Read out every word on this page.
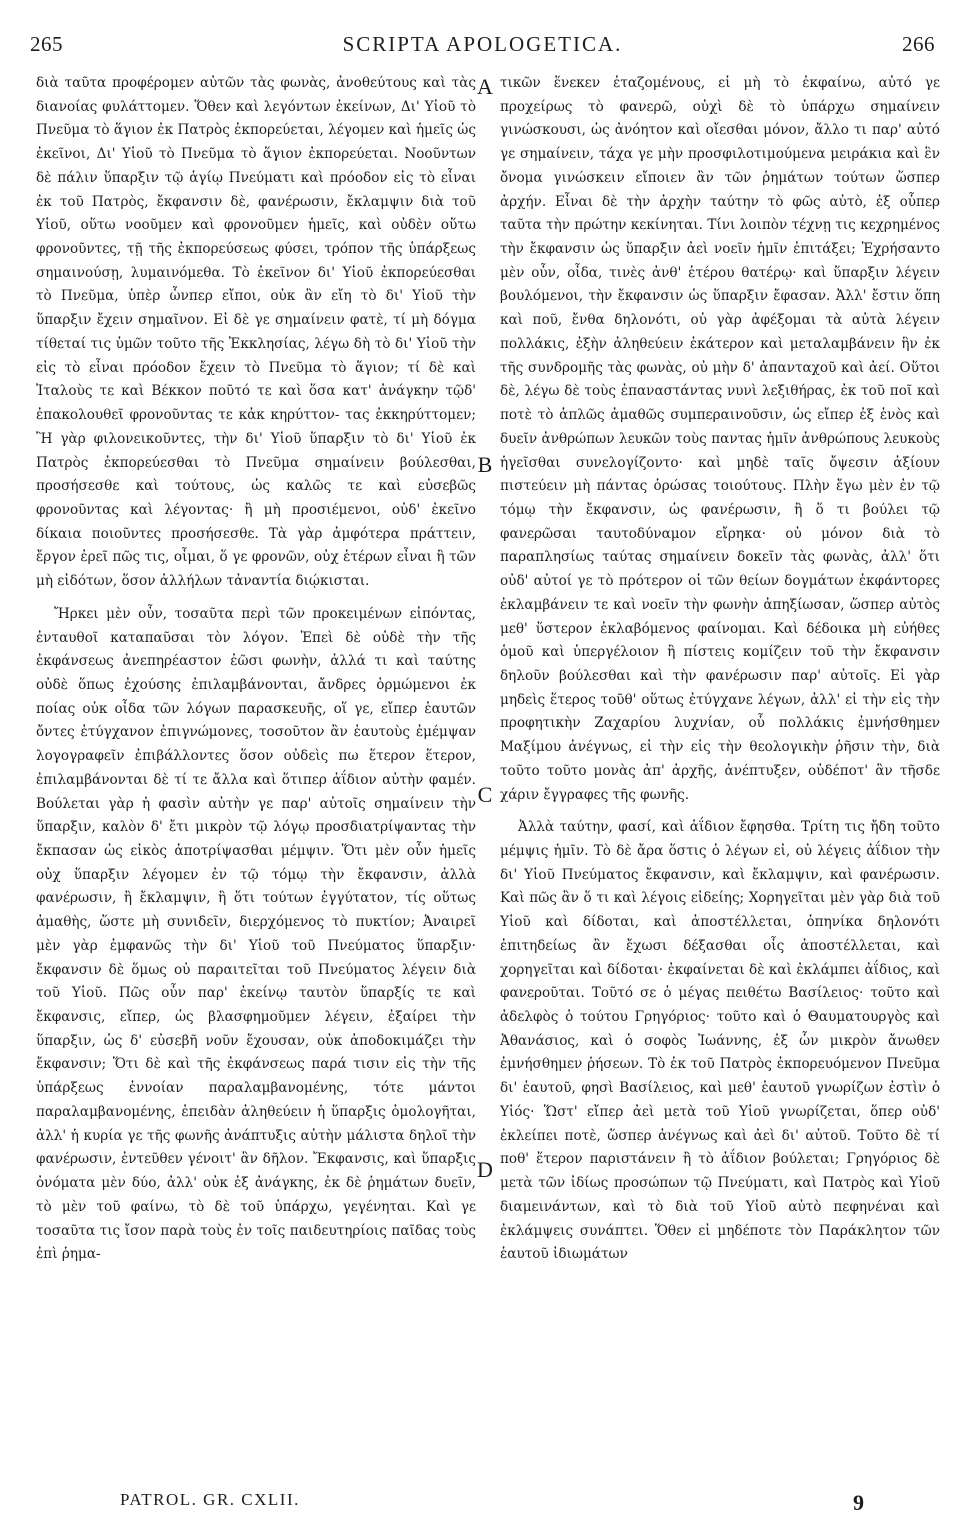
265	SCRIPTA APOLOGETICA.	266

διὰ ταῦτα προφέρομεν αὐτῶν τὰς φωνὰς, ἀνοθεύτους καὶ τὰς διανοίας φυλάττομεν. Ὅθεν καὶ λεγόντων ἐκείνων, Δι' Υἱοῦ τὸ Πνεῦμα τὸ ἅγιον ἐκ Πατρὸς ἐκπορεύεται, λέγομεν καὶ ἡμεῖς ὡς ἐκεῖνοι, Δι' Υἱοῦ τὸ Πνεῦμα τὸ ἅγιον ἐκπορεύεται. Νοοῦντων δὲ πάλιν ὕπαρξιν τῷ ἁγίῳ Πνεύματι καὶ πρόοδον εἰς τὸ εἶναι ἐκ τοῦ Πατρὸς, ἔκφανσιν δὲ, φανέρωσιν, ἔκλαμψιν διὰ τοῦ Υἱοῦ, οὕτω νοοῦμεν καὶ φρονοῦμεν ἡμεῖς, καὶ οὐδὲν οὕτω φρονοῦντες, τῇ τῆς ἐκπορεύσεως φύσει, τρόπον τῆς ὑπάρξεως σημαινούσῃ, λυμαινόμεθα. Τὸ ἐκεῖνον δι' Υἱοῦ ἐκπορεύεσθαι τὸ Πνεῦμα, ὑπὲρ ὧνπερ εἴποι, οὐκ ἂν εἴη τὸ δι' Υἱοῦ τὴν ὕπαρξιν ἔχειν σημαῖνον. Εἰ δὲ γε σημαίνειν φατὲ, τί μὴ δόγμα τίθεταί τις ὑμῶν τοῦτο τῆς Ἐκκλησίας, λέγω δὴ τὸ δι' Υἱοῦ τὴν εἰς τὸ εἶναι πρόοδον ἔχειν τὸ Πνεῦμα τὸ ἅγιον; τί δὲ καὶ Ἰταλοὺς τε καὶ Βέκκον ποῦτό τε καὶ ὅσα κατ' ἀνάγκην τῷδ' ἐπακολουθεῖ φρονοῦντας τε κἀκ κηρύττον- τας ἐκκηρύττομεν; Ἢ γὰρ φιλονεικοῦντες, τὴν δι' Υἱοῦ ὕπαρξιν τὸ δι' Υἱοῦ ἐκ Πατρὸς ἐκπορεύεσθαι τὸ Πνεῦμα σημαίνειν βούλεσθαι, προσήσεσθε καὶ τούτους, ὡς καλῶς τε καὶ εὐσεβῶς φρονοῦντας καὶ λέγοντας· ἢ μὴ προσιέμενοι, οὐδ' ἐκεῖνο δίκαια ποιοῦντες προσήσεσθε. Τὰ γὰρ ἀμφότερα πράττειν, ἔργον ἐρεῖ πῶς τις, οἶμαι, ὅ γε φρονῶν, οὐχ ἑτέρων εἶναι ἢ τῶν μὴ εἰδότων, ὅσον ἀλλήλων τἀναντία διῴκισται.

Ἤρκει μὲν οὖν, τοσαῦτα περὶ τῶν προκειμένων εἰπόντας, ἐνταυθοῖ καταπαῦσαι τὸν λόγον. Ἐπεὶ δὲ οὐδὲ τὴν τῆς ἐκφάνσεως ἀνεπηρέαστον ἐῶσι φωνὴν, ἀλλά τι καὶ ταύτης οὐδὲ ὅπως ἐχούσης ἐπιλαμβάνονται, ἄνδρες ὁρμώμενοι ἐκ ποίας οὐκ οἶδα τῶν λόγων παρασκευῆς, οἵ γε, εἴπερ ἑαυτῶν ὄντες ἐτύγχανον ἐπιγνώμονες, τοσοῦτον ἂν ἑαυτοὺς ἐμέμψαν λογογραφεῖν ἐπιβάλλοντες ὅσον οὐδεὶς πω ἕτερον ἕτερον, ἐπιλαμβάνονται δὲ τί τε ἄλλα καὶ ὅτιπερ ἀΐδιον αὐτὴν φαμέν. Βούλεται γὰρ ἡ φασὶν αὐτὴν γε παρ' αὐτοῖς σημαίνειν τὴν ὕπαρξιν, καλὸν δ' ἔτι μικρὸν τῷ λόγῳ προσδιατρίψαντας τὴν ἔκπασαν ὡς εἰκὸς ἀποτρίψασθαι μέμψιν. Ὅτι μὲν οὖν ἡμεῖς οὐχ ὕπαρξιν λέγομεν ἐν τῷ τόμῳ τὴν ἔκφανσιν, ἀλλὰ φανέρωσιν, ἢ ἔκλαμψιν, ἢ ὅτι τούτων ἐγγύτατον, τίς οὕτως ἀμαθὴς, ὥστε μὴ συνιδεῖν, διερχόμενος τὸ πυκτίον; Ἀναιρεῖ μὲν γὰρ ἐμφανῶς τὴν δι' Υἱοῦ τοῦ Πνεύματος ὕπαρξιν· ἔκφανσιν δὲ ὅμως οὐ παραιτεῖται τοῦ Πνεύματος λέγειν διὰ τοῦ Υἱοῦ. Πῶς οὖν παρ' ἐκείνῳ ταυτὸν ὕπαρξίς τε καὶ ἔκφανσις, εἴπερ, ὡς βλασφημοῦμεν λέγειν, ἐξαίρει τὴν ὕπαρξιν, ὡς δ' εὐσεβῆ νοῦν ἔχουσαν, οὐκ ἀποδοκιμάζει τὴν ἔκφανσιν; Ὅτι δὲ καὶ τῆς ἐκφάνσεως παρά τισιν εἰς τὴν τῆς ὑπάρξεως ἐννοίαν παραλαμβανομένης, τότε μάντοι παραλαμβανομένης, ἐπειδὰν ἀληθεύειν ἡ ὕπαρξις ὁμολογῆται, ἀλλ' ἡ κυρία γε τῆς φωνῆς ἀνάπτυξις αὐτὴν μάλιστα δηλοῖ τὴν φανέρωσιν, ἐντεῦθεν γένοιτ' ἂν δῆλον. Ἔκφανσις, καὶ ὕπαρξις ὀνόματα μὲν δύο, ἀλλ' οὐκ ἐξ ἀνάγκης, ἐκ δὲ ῥημάτων δυεῖν, τὸ μὲν τοῦ φαίνω, τὸ δὲ τοῦ ὑπάρχω, γεγένηται. Καὶ γε τοσαῦτα τις ἴσον παρὰ τοὺς ἐν τοῖς παιδευτηρίοις παῖδας τοὺς ἐπὶ ῥημα-

A
B
C
D

τικῶν ἕνεκεν ἐταζομένους, εἰ μὴ τὸ ἐκφαίνω, αὐτό γε προχείρως τὸ φανερῶ, οὐχὶ δὲ τὸ ὑπάρχω σημαίνειν γινώσκουσι, ὡς ἀνόητον καὶ οἴεσθαι μόνον, ἄλλο τι παρ' αὐτό γε σημαίνειν, τάχα γε μὴν προσφιλοτιμούμενα μειράκια καὶ ἓν ὄνομα γινώσκειν εἴποιεν ἂν τῶν ῥημάτων τούτων ὥσπερ ἀρχήν. Εἶναι δὲ τὴν ἀρχὴν ταύτην τὸ φῶς αὐτὸ, ἐξ οὗπερ ταῦτα τὴν πρώτην κεκίνηται. Τίνι λοιπὸν τέχνῃ τις κεχρημένος τὴν ἔκφανσιν ὡς ὕπαρξιν ἀεὶ νοεῖν ἡμῖν ἐπιτάξει; Ἐχρήσαντο μὲν οὖν, οἶδα, τινὲς ἀνθ' ἑτέρου θατέρῳ· καὶ ὕπαρξιν λέγειν βουλόμενοι, τὴν ἔκφανσιν ὡς ὕπαρξιν ἔφασαν. Ἀλλ' ἔστιν ὅπη καὶ ποῦ, ἔνθα δηλονότι, οὐ γὰρ ἀφέξομαι τὰ αὐτὰ λέγειν πολλάκις, ἐξὴν ἀληθεύειν ἑκάτερον καὶ μεταλαμβάνειν ἣν ἐκ τῆς συνδρομῆς τὰς φωνὰς, οὐ μὴν δ' ἁπανταχοῦ καὶ ἀεί. Οὕτοι δὲ, λέγω δὲ τοὺς ἐπαναστάντας νυνὶ λεξιθήρας, ἐκ τοῦ ποῖ καὶ ποτὲ τὸ ἁπλῶς ἁμαθῶς συμπεραινοῦσιν, ὡς εἴπερ ἐξ ἑνὸς καὶ δυεῖν ἀνθρώπων λευκῶν τοὺς παντας ἡμῖν ἀνθρώπους λευκοὺς ἡγεῖσθαι συνελογίζοντο· καὶ μηδὲ ταῖς ὄψεσιν ἀξίουν πιστεύειν μὴ πάντας ὁρώσας τοιούτους. Πλὴν ἔγω μὲν ἐν τῷ τόμῳ τὴν ἔκφανσιν, ὡς φανέρωσιν, ἢ ὅ τι βούλει τῷ φανερῶσαι ταυτοδύναμον εἴρηκα· οὐ μόνον διὰ τὸ παραπλησίως ταύτας σημαίνειν δοκεῖν τὰς φωνὰς, ἀλλ' ὅτι οὐδ' αὐτοί γε τὸ πρότερον οἱ τῶν θείων δογμάτων ἐκφάντορες ἐκλαμβάνειν τε καὶ νοεῖν τὴν φωνὴν ἀπηξίωσαν, ὥσπερ αὐτὸς μεθ' ὕστερον ἐκλαβόμενος φαίνομαι. Καὶ δέδοικα μὴ εὐήθες ὁμοῦ καὶ ὑπεργέλοιον ἢ πίστεις κομίζειν τοῦ τὴν ἔκφανσιν δηλοῦν βούλεσθαι καὶ τὴν φανέρωσιν παρ' αὐτοῖς. Εἰ γὰρ μηδεὶς ἕτερος τοῦθ' οὕτως ἐτύγχανε λέγων, ἀλλ' εἰ τὴν εἰς τὴν προφητικὴν Ζαχαρίου λυχνίαν, οὗ πολλάκις ἐμνήσθημεν Μαξίμου ἀνέγνως, εἰ τὴν εἰς τὴν θεολογικὴν ῥῆσιν τὴν, διὰ τοῦτο τοῦτο μονὰς ἀπ' ἀρχῆς, ἀνέπτυξεν, οὐδέποτ' ἂν τῆσδε χάριν ἔγγραφες τῆς φωνῆς.

Ἀλλὰ ταύτην, φασί, καὶ ἀΐδιον ἔφησθα. Τρίτη τις ἤδη τοῦτο μέμψις ἡμῖν. Τὸ δὲ ἄρα ὅστις ὁ λέγων εἰ, οὐ λέγεις ἀΐδιον τὴν δι' Υἱοῦ Πνεύματος ἔκφανσιν, καὶ ἔκλαμψιν, καὶ φανέρωσιν. Καὶ πῶς ἂν ὅ τι καὶ λέγοις εἰδείης; Χορηγεῖται μὲν γὰρ διὰ τοῦ Υἱοῦ καὶ δίδοται, καὶ ἀποστέλλεται, ὁπηνίκα δηλονότι ἐπιτηδείως ἂν ἔχωσι δέξασθαι οἷς ἀποστέλλεται, καὶ χορηγεῖται καὶ δίδοται· ἐκφαίνεται δὲ καὶ ἐκλάμπει ἀΐδιος, καὶ φανεροῦται. Τοῦτό σε ὁ μέγας πειθέτω Βασίλειος· τοῦτο καὶ ἀδελφὸς ὁ τούτου Γρηγόριος· τοῦτο καὶ ὁ Θαυματουργὸς καὶ Ἀθανάσιος, καὶ ὁ σοφὸς Ἰωάννης, ἐξ ὧν μικρὸν ἄνωθεν ἐμνήσθημεν ῥήσεων. Τὸ ἐκ τοῦ Πατρὸς ἐκπορευόμενον Πνεῦμα δι' ἑαυτοῦ, φησὶ Βασίλειος, καὶ μεθ' ἑαυτοῦ γνωρίζων ἐστὶν ὁ Υἱός· Ὥστ' εἴπερ ἀεὶ μετὰ τοῦ Υἱοῦ γνωρίζεται, ὅπερ οὐδ' ἐκλείπει ποτὲ, ὥσπερ ἀνέγνως καὶ ἀεὶ δι' αὐτοῦ. Τοῦτο δὲ τί ποθ' ἕτερον παριστάνειν ἢ τὸ ἀΐδιον βούλεται; Γρηγόριος δὲ μετὰ τῶν ἰδίως προσώπων τῷ Πνεύματι, καὶ Πατρὸς καὶ Υἱοῦ διαμεινάντων, καὶ τὸ διὰ τοῦ Υἱοῦ αὐτὸ πεφηνέναι καὶ ἐκλάμψεις συνάπτει. Ὅθεν εἰ μηδέποτε τὸν Παράκλητον τῶν ἑαυτοῦ ἰδιωμάτων

PATROL. GR. CXLII.	9
